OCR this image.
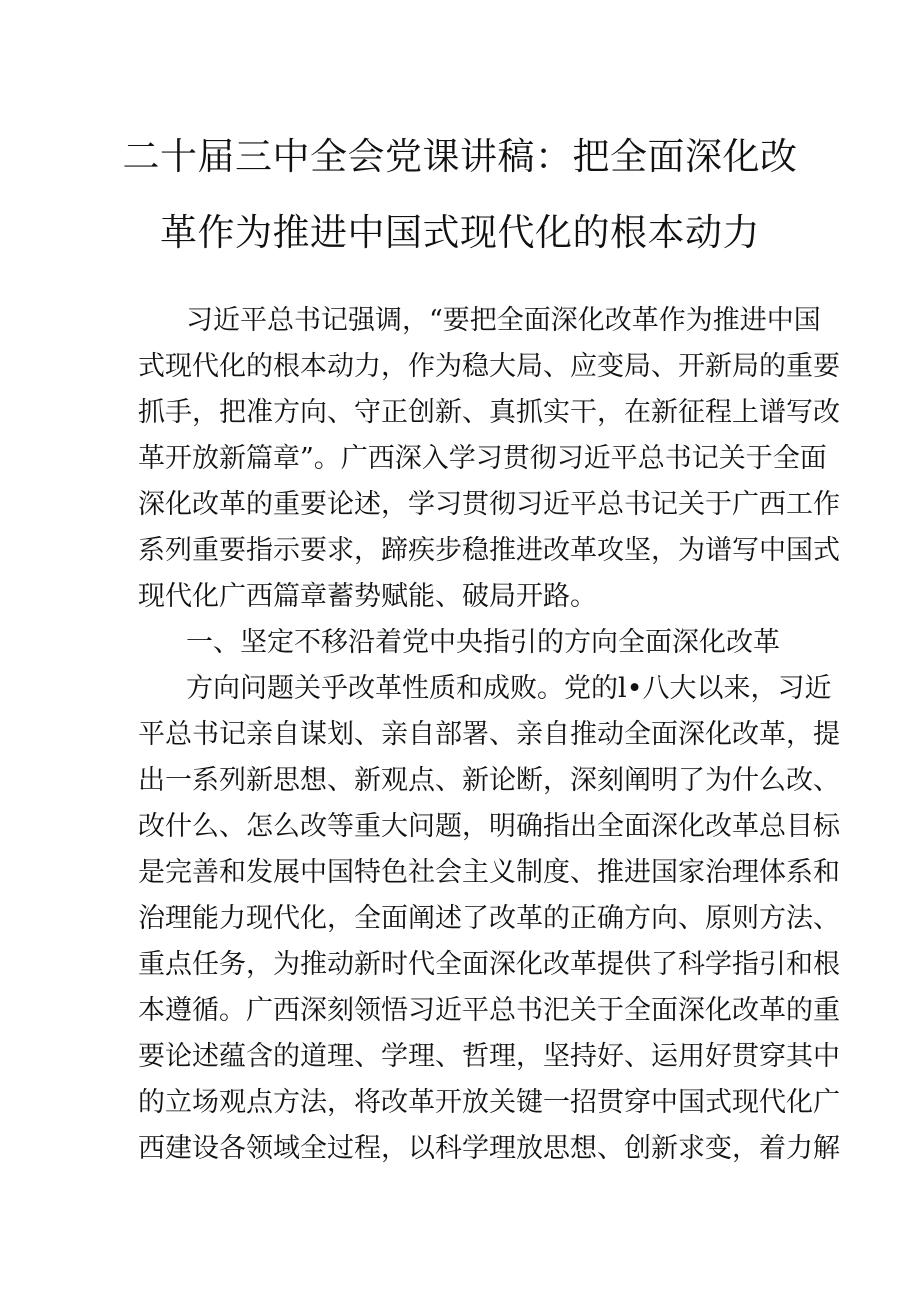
二十届三中全会党课讲稿：把全面深化改
革作为推进中国式现代化的根本动力
习近平总书记强调，“要把全面深化改革作为推进中国
式现代化的根本动力，作为稳大局、应变局、开新局的重要
抓手，把准方向、守正创新、真抓实干，在新征程上谱写改
革开放新篇章”。广西深入学习贯彻习近平总书记关于全面
深化改革的重要论述，学习贯彻习近平总书记关于广西工作
系列重要指示要求，蹄疾步稳推进改革攻坚，为谱写中国式
现代化广西篇章蓄势赋能、破局开路。
一、坚定不移沿着党中央指引的方向全面深化改革
方向问题关乎改革性质和成败。党的l•八大以来，习近
平总书记亲自谋划、亲自部署、亲自推动全面深化改革，提
出一系列新思想、新观点、新论断，深刻阐明了为什么改、
改什么、怎么改等重大问题，明确指出全面深化改革总目标
是完善和发展中国特色社会主义制度、推进国家治理体系和
治理能力现代化，全面阐述了改革的正确方向、原则方法、
重点任务，为推动新时代全面深化改革提供了科学指引和根
本遵循。广西深刻领悟习近平总书汜关于全面深化改革的重
要论述蕴含的道理、学理、哲理，坚持好、运用好贯穿其中
的立场观点方法，将改革开放关键一招贯穿中国式现代化广
西建设各领域全过程，以科学理放思想、创新求变，着力解
